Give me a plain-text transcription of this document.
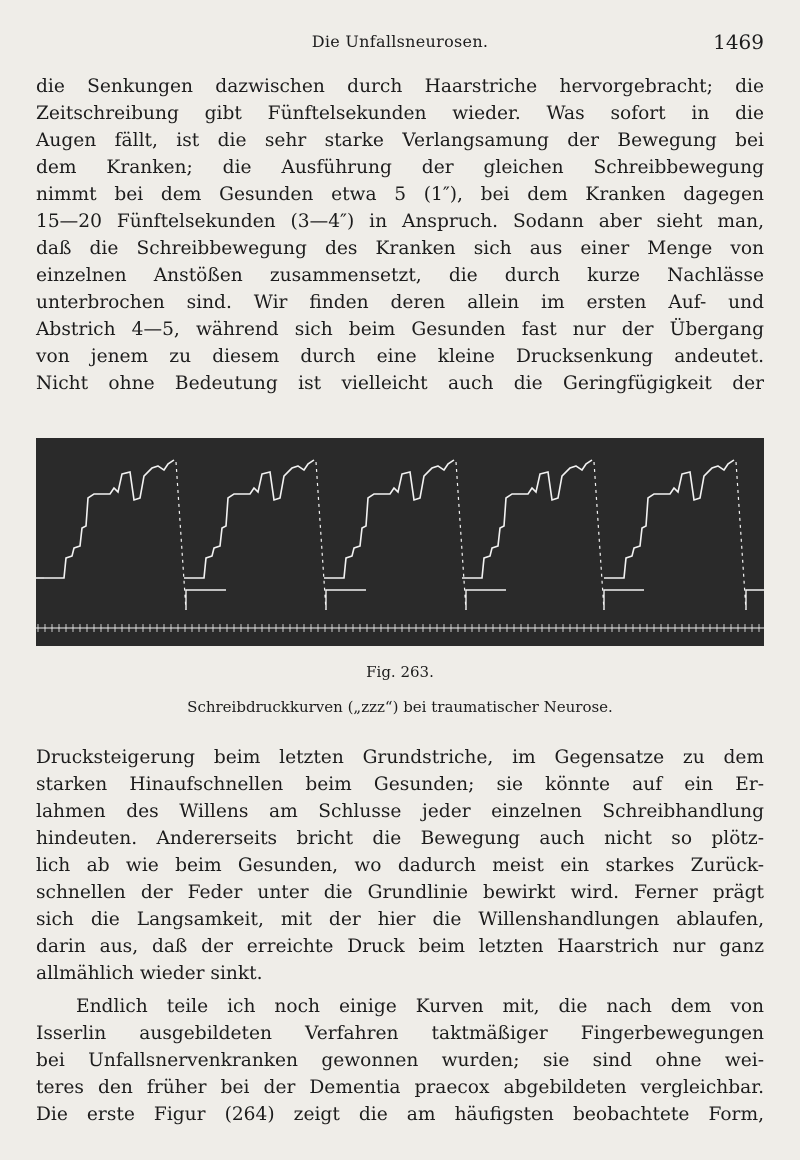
Die Unfallsneurosen.	1469
die Senkungen dazwischen durch Haarstriche hervorgebracht; die
Zeitschreibung gibt Fünftelsekunden wieder. Was sofort in die
Augen fällt, ist die sehr starke Verlangsamung der Bewegung bei
dem Kranken; die Ausführung der gleichen Schreibbewegung
nimmt bei dem Gesunden etwa 5 (1″), bei dem Kranken dagegen
15—20 Fünftelsekunden (3—4″) in Anspruch. Sodann aber sieht man,
daß die Schreibbewegung des Kranken sich aus einer Menge von
einzelnen Anstößen zusammensetzt, die durch kurze Nachlässe
unterbrochen sind. Wir finden deren allein im ersten Auf- und
Abstrich 4—5, während sich beim Gesunden fast nur der Übergang
von jenem zu diesem durch eine kleine Drucksenkung andeutet.
Nicht ohne Bedeutung ist vielleicht auch die Geringfügigkeit der
Fig. 263.
Schreibdruckkurven („zzz“) bei traumatischer Neurose.
Drucksteigerung beim letzten Grundstriche, im Gegensatze zu dem
starken Hinaufschnellen beim Gesunden; sie könnte auf ein Er-
lahmen des Willens am Schlusse jeder einzelnen Schreibhandlung
hindeuten. Andererseits bricht die Bewegung auch nicht so plötz-
lich ab wie beim Gesunden, wo dadurch meist ein starkes Zurück-
schnellen der Feder unter die Grundlinie bewirkt wird. Ferner prägt
sich die Langsamkeit, mit der hier die Willenshandlungen ablaufen,
darin aus, daß der erreichte Druck beim letzten Haarstrich nur ganz
allmählich wieder sinkt.
Endlich teile ich noch einige Kurven mit, die nach dem von
Isserlin ausgebildeten Verfahren taktmäßiger Fingerbewegungen
bei Unfallsnervenkranken gewonnen wurden; sie sind ohne wei-
teres den früher bei der Dementia praecox abgebildeten vergleichbar.
Die erste Figur (264) zeigt die am häufigsten beobachtete Form,
